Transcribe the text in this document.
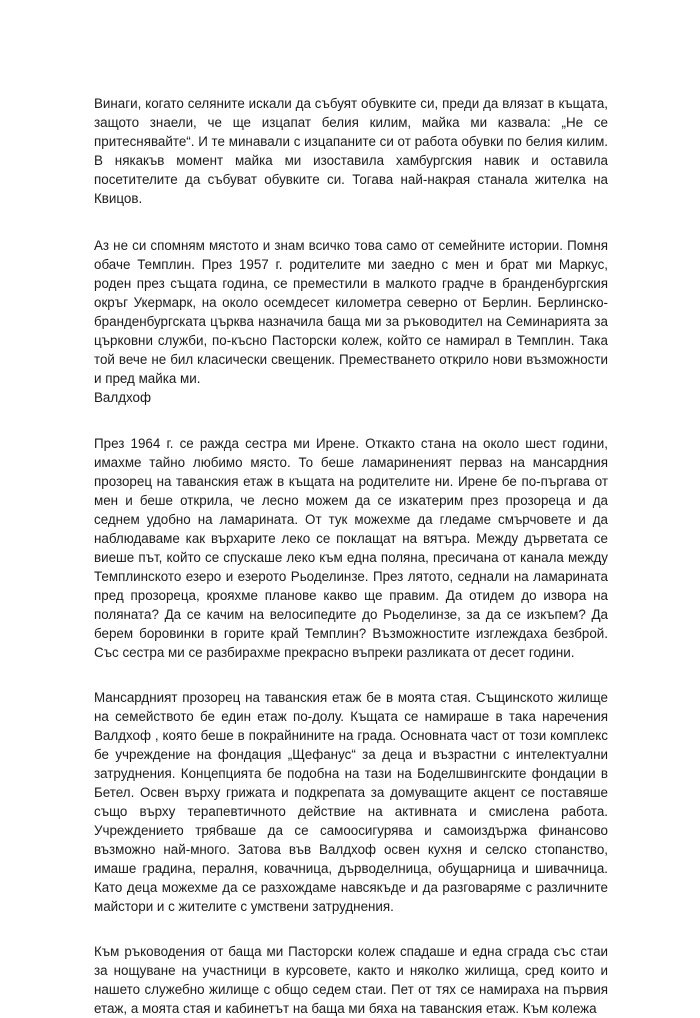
Винаги, когато селяните искали да събуят обувките си, преди да влязат в къщата, защото знаели, че ще изцапат белия килим, майка ми казвала: „Не се притеснявайте“. И те минавали с изцапаните си от работа обувки по белия килим. В някакъв момент майка ми изоставила хамбургския навик и оставила посетителите да събуват обувките си. Тогава най-накрая станала жителка на Квицов.

Аз не си спомням мястото и знам всичко това само от семейните истории. Помня обаче Темплин. През 1957 г. родителите ми заедно с мен и брат ми Маркус, роден през същата година, се преместили в малкото градче в бранденбургския окръг Укермарк, на около осемдесет километра северно от Берлин. Берлинско-бранденбургската църква назначила баща ми за ръководител на Семинарията за църковни служби, по-късно Пасторски колеж, който се намирал в Темплин. Така той вече не бил класически свещеник. Преместването открило нови възможности и пред майка ми.

Валдхоф

През 1964 г. се ражда сестра ми Ирене. Откакто стана на около шест години, имахме тайно любимо място. То беше ламариненият перваз на мансардния прозорец на таванския етаж в къщата на родителите ни. Ирене бе по-пъргава от мен и беше открила, че лесно можем да се изкатерим през прозореца и да седнем удобно на ламарината. От тук можехме да гледаме смърчовете и да наблюдаваме как върхарите леко се поклащат на вятъра. Между дърветата се виеше път, който се спускаше леко към една поляна, пресичана от канала между Темплинското езеро и езерото Рьоделинзе. През лятото, седнали на ламарината пред прозореца, крояхме планове какво ще правим. Да отидем до извора на поляната? Да се качим на велосипедите до Рьоделинзе, за да се изкъпем? Да берем боровинки в горите край Темплин? Възможностите изглеждаха безброй. Със сестра ми се разбирахме прекрасно въпреки разликата от десет години.

Мансардният прозорец на таванския етаж бе в моята стая. Същинското жилище на семейството бе един етаж по-долу. Къщата се намираше в така наречения Валдхоф , която беше в покрайнините на града. Основната част от този комплекс бе учреждение на фондация „Щефанус“ за деца и възрастни с интелектуални затруднения. Концепцията бе подобна на тази на Боделшвингските фондации в Бетел. Освен върху грижата и подкрепата за домуващите акцент се поставяше също върху терапевтичното действие на активната и смислена работа. Учреждението трябваше да се самоосигурява и самоиздържа финансово възможно най-много. Затова във Валдхоф освен кухня и селско стопанство, имаше градина, пералня, ковачница, дърводелница, обущарница и шивачница. Като деца можехме да се разхождаме навсякъде и да разговаряме с различните майстори и с жителите с умствени затруднения.

Към ръководения от баща ми Пасторски колеж спадаше и една сграда със стаи за нощуване на участници в курсовете, както и няколко жилища, сред които и нашето служебно жилище с общо седем стаи. Пет от тях се намираха на първия етаж, а моята стая и кабинетът на баща ми бяха на таванския етаж. Към колежа
